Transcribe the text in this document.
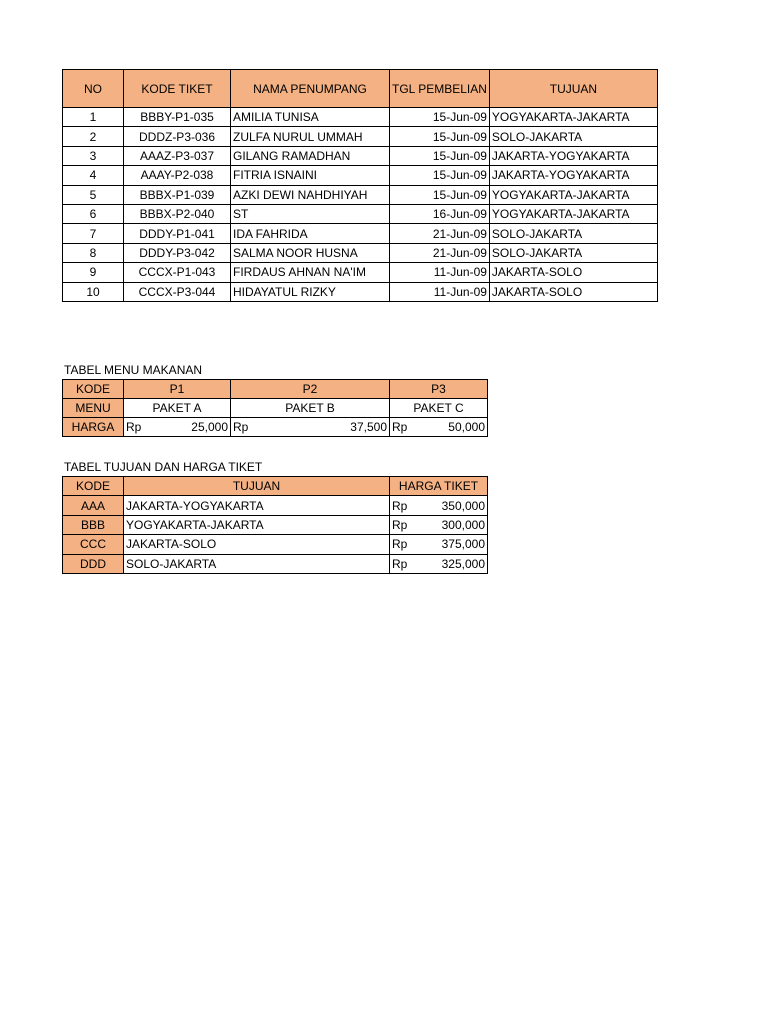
NO	KODE TIKET	NAMA PENUMPANG	TGL PEMBELIAN	TUJUAN
1	BBBY-P1-035	AMILIA TUNISA	15-Jun-09	YOGYAKARTA-JAKARTA
2	DDDZ-P3-036	ZULFA NURUL UMMAH	15-Jun-09	SOLO-JAKARTA
3	AAAZ-P3-037	GILANG RAMADHAN	15-Jun-09	JAKARTA-YOGYAKARTA
4	AAAY-P2-038	FITRIA ISNAINI	15-Jun-09	JAKARTA-YOGYAKARTA
5	BBBX-P1-039	AZKI DEWI NAHDHIYAH	15-Jun-09	YOGYAKARTA-JAKARTA
6	BBBX-P2-040	ST	16-Jun-09	YOGYAKARTA-JAKARTA
7	DDDY-P1-041	IDA FAHRIDA	21-Jun-09	SOLO-JAKARTA
8	DDDY-P3-042	SALMA NOOR HUSNA	21-Jun-09	SOLO-JAKARTA
9	CCCX-P1-043	FIRDAUS AHNAN NA'IM	11-Jun-09	JAKARTA-SOLO
10	CCCX-P3-044	HIDAYATUL RIZKY	11-Jun-09	JAKARTA-SOLO
TABEL MENU MAKANAN
KODE	P1	P2	P3
MENU	PAKET A	PAKET B	PAKET C
HARGA	Rp 25,000	Rp 37,500	Rp 50,000
TABEL TUJUAN DAN HARGA TIKET
KODE	TUJUAN	HARGA TIKET
AAA	JAKARTA-YOGYAKARTA	Rp 350,000

BBB	YOGYAKARTA-JAKARTA	Rp 300,000

CCC	JAKARTA-SOLO	Rp 375,000

DDD	SOLO-JAKARTA	Rp 325,000
